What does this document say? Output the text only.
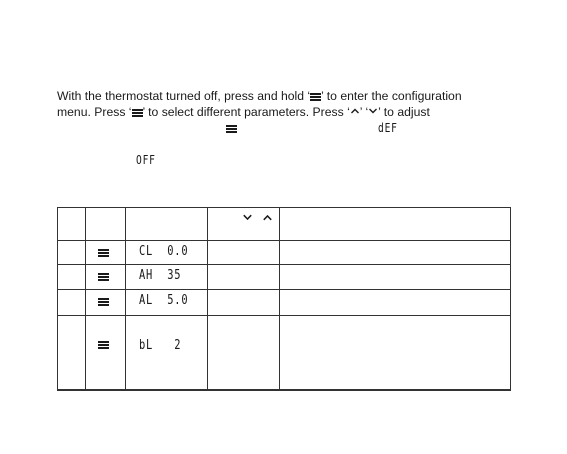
With the thermostat turned off, press and hold ‘ ’ to enter the configuration
menu. Press ‘ ’ to select different parameters. Press ‘ ’ ‘ ’ to adjust
dEF
OFF
CL  0.0
AH  35
AL  5.0
bL   2
